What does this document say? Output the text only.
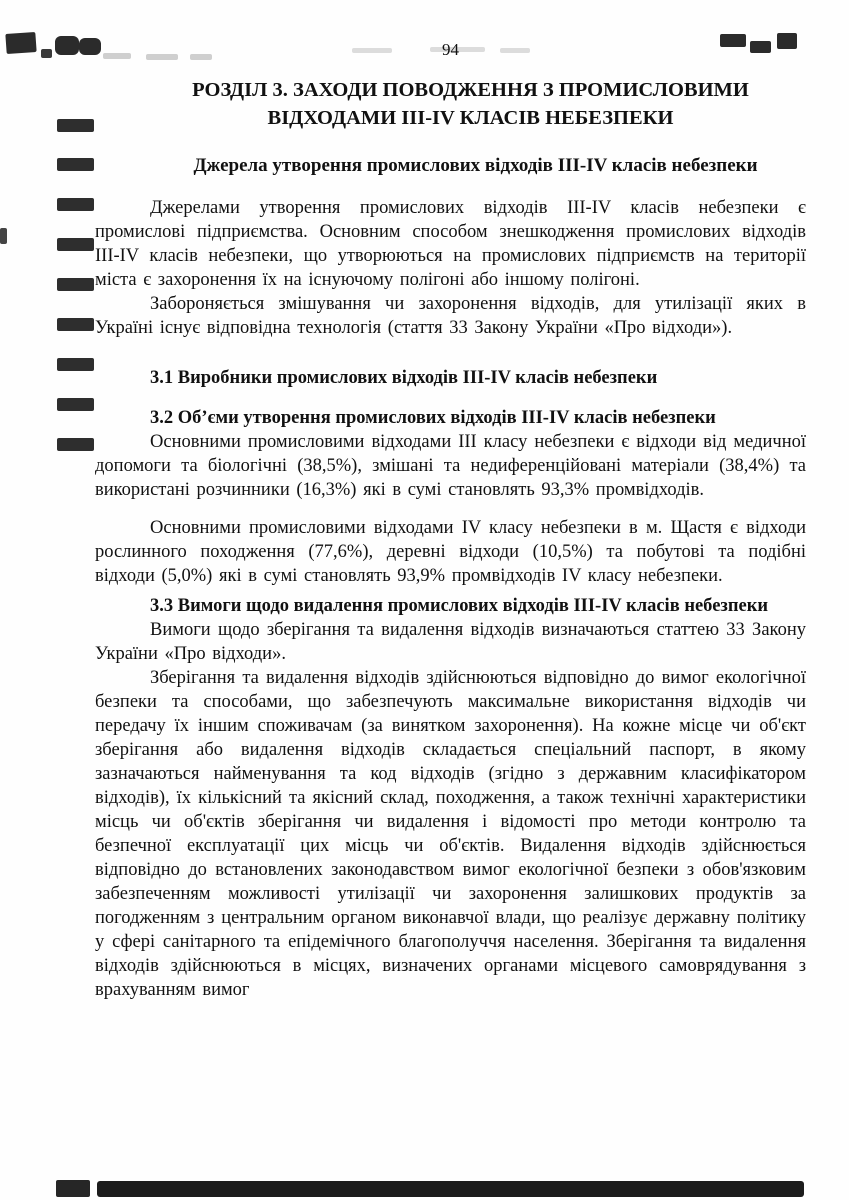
94
РОЗДІЛ 3. ЗАХОДИ ПОВОДЖЕННЯ З ПРОМИСЛОВИМИ
ВІДХОДАМИ ІІІ-ІV КЛАСІВ НЕБЕЗПЕКИ
Джерела утворення промислових відходів ІІІ-ІV класів небезпеки

Джерелами утворення промислових відходів ІІІ-ІV класів небезпеки є промислові підприємства. Основним способом знешкодження промислових відходів ІІІ-ІV класів небезпеки, що утворюються на промислових підприємств на території міста є захоронення їх на існуючому полігоні або іншому полігоні.

Забороняється змішування чи захоронення відходів, для утилізації яких в Україні існує відповідна технологія (стаття 33 Закону України «Про відходи»).

3.1 Виробники промислових відходів ІІІ-ІV класів небезпеки

3.2 Об’єми утворення промислових відходів ІІІ-ІV класів небезпеки

Основними промисловими відходами ІІІ класу небезпеки є відходи від медичної допомоги та біологічні (38,5%), змішані та недиференційовані матеріали (38,4%) та використані розчинники (16,3%) які в сумі становлять 93,3% промвідходів.

Основними промисловими відходами ІV класу небезпеки в м. Щастя є відходи рослинного походження (77,6%), деревні відходи (10,5%) та побутові та подібні відходи (5,0%) які в сумі становлять 93,9% промвідходів ІV класу небезпеки.

3.3 Вимоги щодо видалення промислових відходів ІІІ-ІV класів небезпеки

Вимоги щодо зберігання та видалення відходів визначаються статтею 33 Закону України «Про відходи».

Зберігання та видалення відходів здійснюються відповідно до вимог екологічної безпеки та способами, що забезпечують максимальне використання відходів чи передачу їх іншим споживачам (за винятком захоронення). На кожне місце чи об'єкт зберігання або видалення відходів складається спеціальний паспорт, в якому зазначаються найменування та код відходів (згідно з державним класифікатором відходів), їх кількісний та якісний склад, походження, а також технічні характеристики місць чи об'єктів зберігання чи видалення і відомості про методи контролю та безпечної експлуатації цих місць чи об'єктів. Видалення відходів здійснюється відповідно до встановлених законодавством вимог екологічної безпеки з обов'язковим забезпеченням можливості утилізації чи захоронення залишкових продуктів за погодженням з центральним органом виконавчої влади, що реалізує державну політику у сфері санітарного та епідемічного благополуччя населення. Зберігання та видалення відходів здійснюються в місцях, визначених органами місцевого самоврядування з врахуванням вимог
